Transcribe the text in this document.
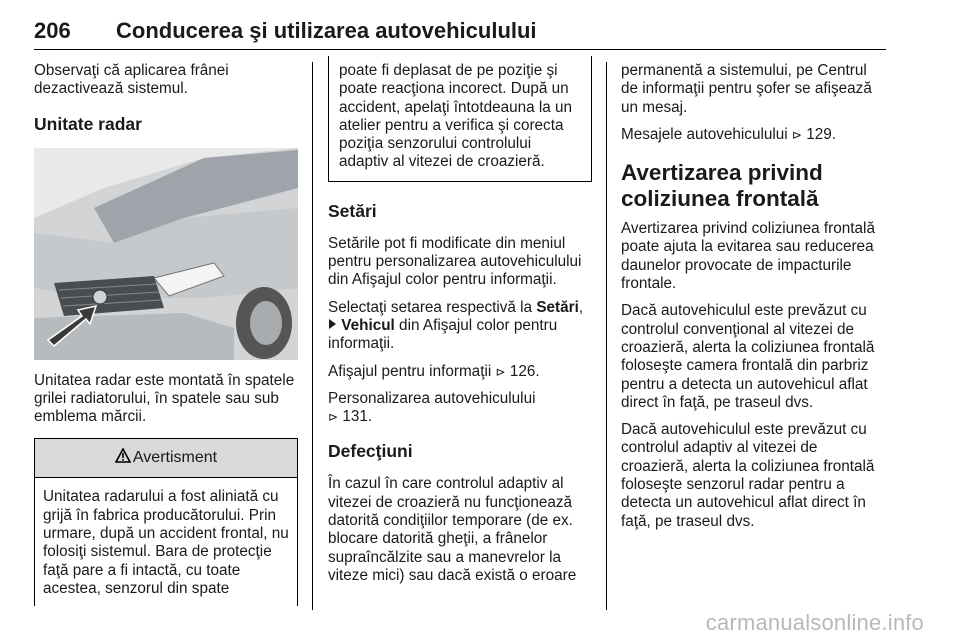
206 Conducerea şi utilizarea autovehiculului

Observaţi că aplicarea frânei dezactivează sistemul.

Unitate radar

Unitatea radar este montată în spatele grilei radiatorului, în spatele sau sub emblema mărcii.

Avertisment
Unitatea radarului a fost aliniată cu grijă în fabrica producătorului. Prin urmare, după un accident frontal, nu folosiţi sistemul. Bara de protecţie faţă pare a fi intactă, cu toate acestea, senzorul din spate
poate fi deplasat de pe poziţie şi poate reacţiona incorect. După un accident, apelaţi întotdeauna la un atelier pentru a verifica şi corecta poziţia senzorului controlului adaptiv al vitezei de croazieră.
Setări

Setările pot fi modificate din meniul pentru personalizarea autovehiculului din Afişajul color pentru informaţii.

Selectaţi setarea respectivă la Setări,  Vehicul din Afişajul color pentru informaţii.

Afişajul pentru informaţii ⊳ 126.

Personalizarea autovehiculului
⊳ 131.

Defecţiuni

În cazul în care controlul adaptiv al vitezei de croazieră nu funcţionează datorită condiţiilor temporare (de ex. blocare datorită gheţii, a frânelor supraîncălzite sau a manevrelor la viteze mici) sau dacă există o eroare

permanentă a sistemului, pe Centrul de informaţii pentru şofer se afişează un mesaj.

Mesajele autovehiculului ⊳ 129.

Avertizarea privind coliziunea frontală

Avertizarea privind coliziunea frontală poate ajuta la evitarea sau reducerea daunelor provocate de impacturile frontale.

Dacă autovehiculul este prevăzut cu controlul convenţional al vitezei de croazieră, alerta la coliziunea frontală foloseşte camera frontală din parbriz pentru a detecta un autovehicul aflat direct în faţă, pe traseul dvs.

Dacă autovehiculul este prevăzut cu controlul adaptiv al vitezei de croazieră, alerta la coliziunea frontală foloseşte senzorul radar pentru a detecta un autovehicul aflat direct în faţă, pe traseul dvs.

carmanualsonline.info
